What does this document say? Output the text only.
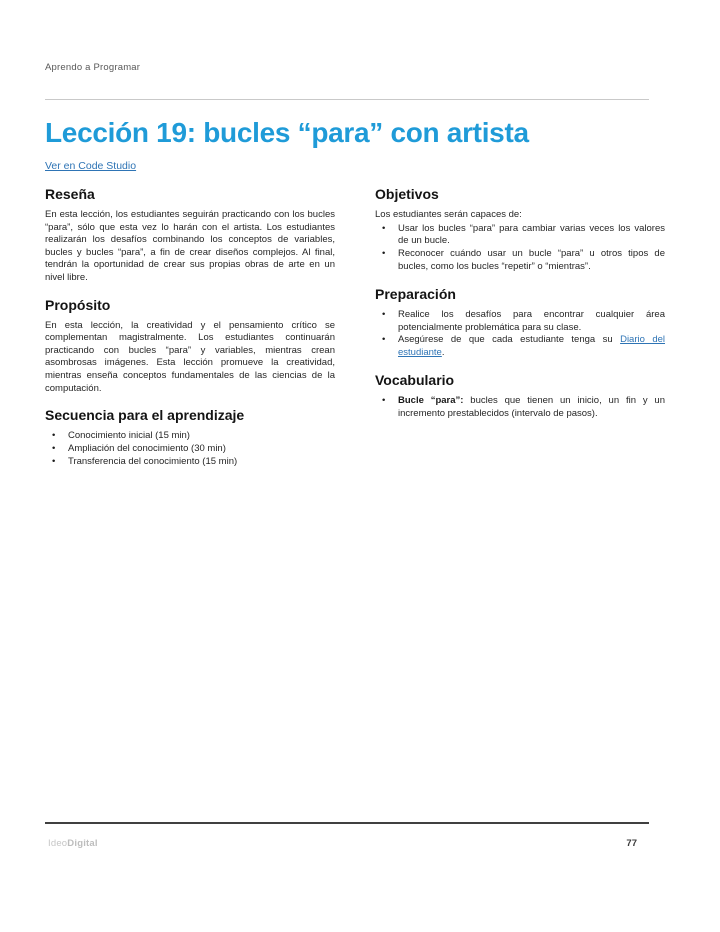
Aprendo a Programar
Lección 19: bucles “para” con artista
Ver en Code Studio
Reseña

En esta lección, los estudiantes seguirán practicando con los bucles “para”, sólo que esta vez lo harán con el artista. Los estudiantes realizarán los desafíos combinando los conceptos de variables, bucles y bucles “para”, a fin de crear diseños complejos. Al final, tendrán la oportunidad de crear sus propias obras de arte en un nivel libre.

Propósito

En esta lección, la creatividad y el pensamiento crítico se complementan magistralmente. Los estudiantes continuarán practicando con bucles “para” y variables, mientras crean asombrosas imágenes. Esta lección promueve la creatividad, mientras enseña conceptos fundamentales de las ciencias de la computación.

Secuencia para el aprendizaje
• Conocimiento inicial (15 min)
• Ampliación del conocimiento (30 min)
• Transferencia del conocimiento (15 min)
Objetivos

Los estudiantes serán capaces de:

• Usar los bucles “para” para cambiar varias veces los valores de un bucle.
• Reconocer cuándo usar un bucle “para” u otros tipos de bucles, como los bucles “repetir” o “mientras”.
Preparación
• Realice los desafíos para encontrar cualquier área potencialmente problemática para su clase.
• Asegúrese de que cada estudiante tenga su Diario del estudiante.
Vocabulario
• Bucle “para”: bucles que tienen un inicio, un fin y un incremento prestablecidos (intervalo de pasos).
IdeoDigital	77
